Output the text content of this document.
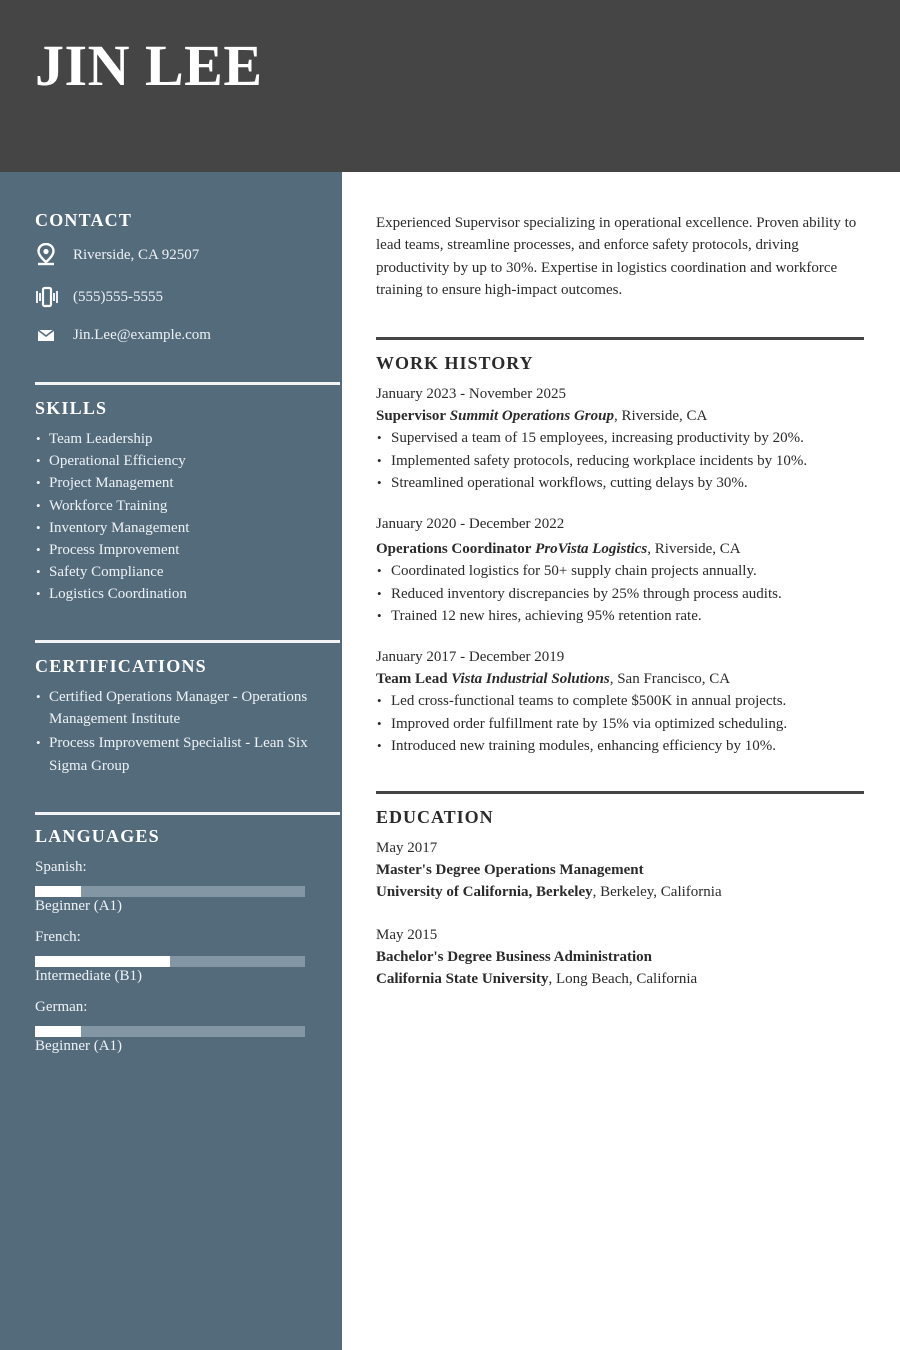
JIN LEE
CONTACT
Riverside, CA 92507
(555)555-5555
Jin.Lee@example.com
SKILLS
• Team Leadership
• Operational Efficiency
• Project Management
• Workforce Training
• Inventory Management
• Process Improvement
• Safety Compliance
• Logistics Coordination
CERTIFICATIONS
• Certified Operations Manager - Operations Management Institute
• Process Improvement Specialist - Lean Six Sigma Group
LANGUAGES
Spanish:
Beginner (A1)
French:
Intermediate (B1)
German:
Beginner (A1)
Experienced Supervisor specializing in operational excellence. Proven ability to lead teams, streamline processes, and enforce safety protocols, driving productivity by up to 30%. Expertise in logistics coordination and workforce training to ensure high-impact outcomes.
WORK HISTORY
January 2023 - November 2025
Supervisor Summit Operations Group, Riverside, CA
• Supervised a team of 15 employees, increasing productivity by 20%.
• Implemented safety protocols, reducing workplace incidents by 10%.
• Streamlined operational workflows, cutting delays by 30%.
January 2020 - December 2022
Operations Coordinator ProVista Logistics, Riverside, CA
• Coordinated logistics for 50+ supply chain projects annually.
• Reduced inventory discrepancies by 25% through process audits.
• Trained 12 new hires, achieving 95% retention rate.
January 2017 - December 2019
Team Lead Vista Industrial Solutions, San Francisco, CA
• Led cross-functional teams to complete $500K in annual projects.
• Improved order fulfillment rate by 15% via optimized scheduling.
• Introduced new training modules, enhancing efficiency by 10%.
EDUCATION
May 2017
Master's Degree Operations Management
University of California, Berkeley, Berkeley, California
May 2015
Bachelor's Degree Business Administration
California State University, Long Beach, California
